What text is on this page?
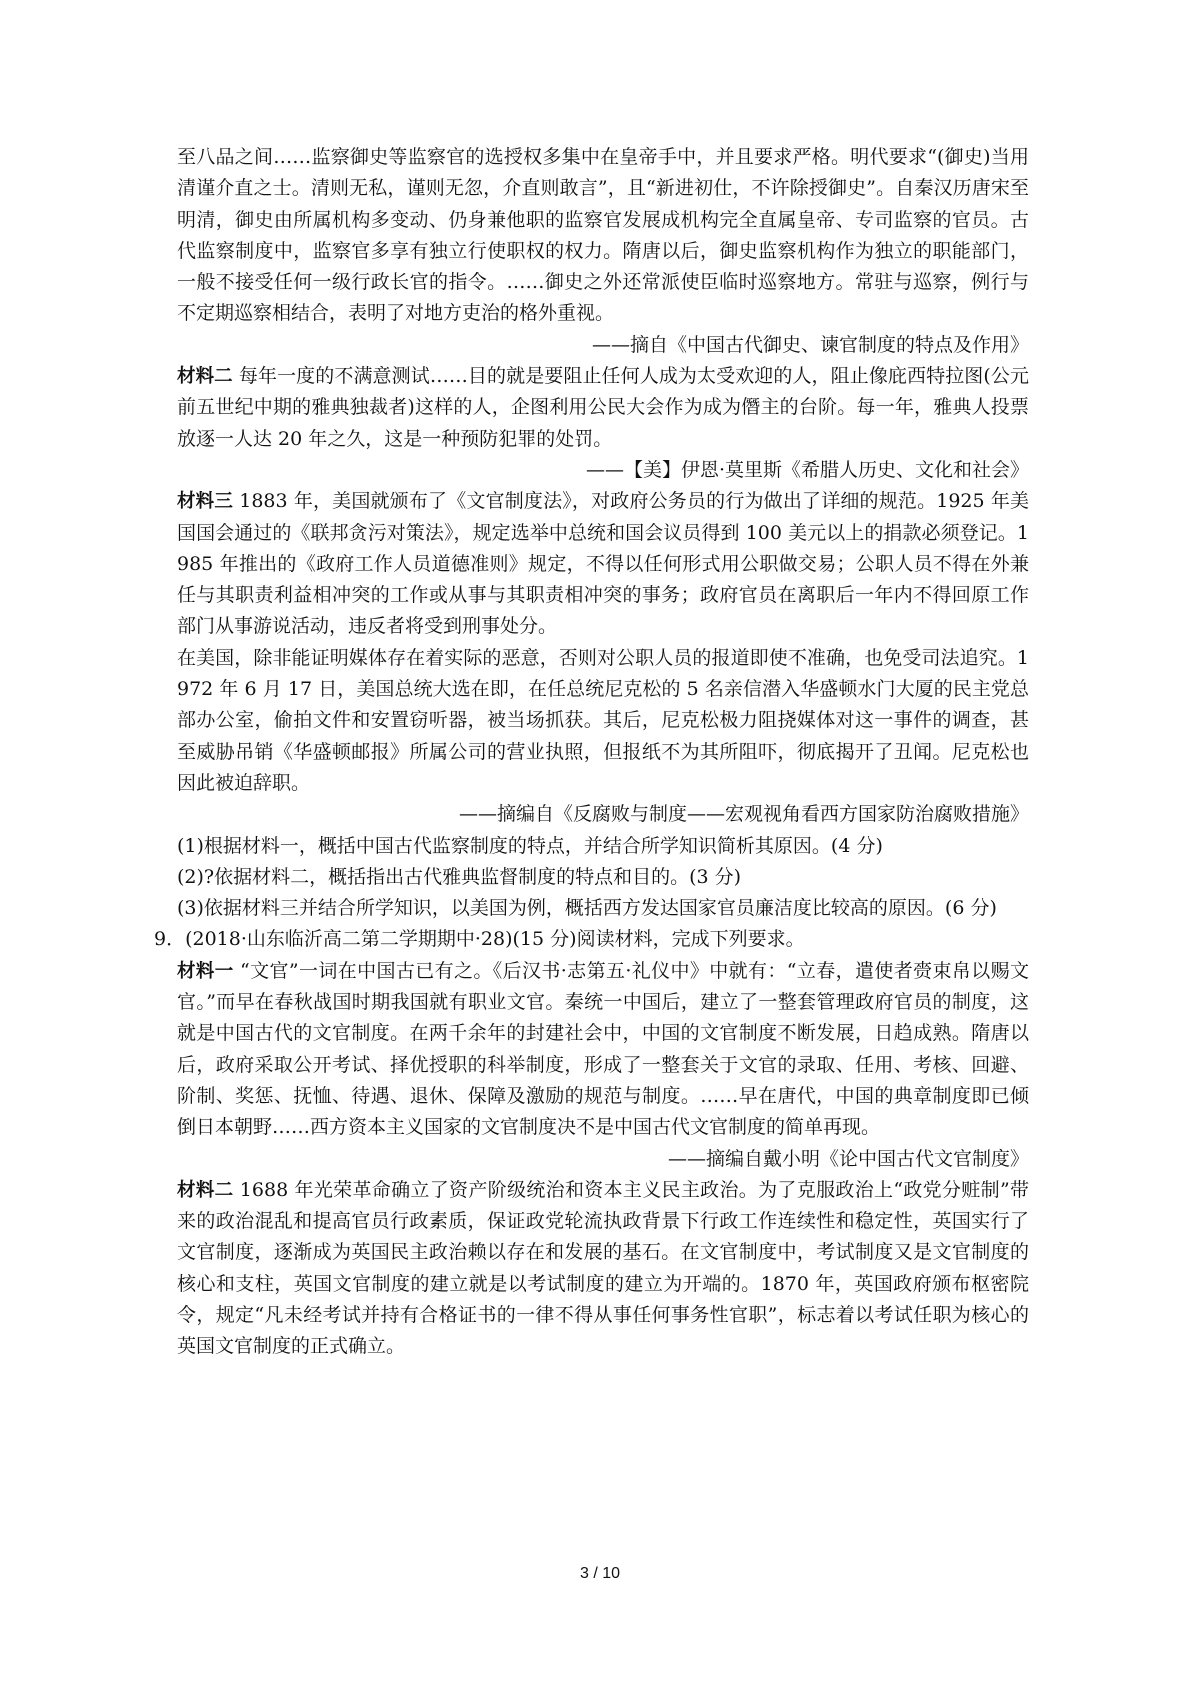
至八品之间……监察御史等监察官的选授权多集中在皇帝手中，并且要求严格。明代要求“(御史)当用清谨介直之士。清则无私，谨则无忽，介直则敢言”，且“新进初仕，不许除授御史”。自秦汉历唐宋至明清，御史由所属机构多变动、仍身兼他职的监察官发展成机构完全直属皇帝、专司监察的官员。古代监察制度中，监察官多享有独立行使职权的权力。隋唐以后，御史监察机构作为独立的职能部门，一般不接受任何一级行政长官的指令。……御史之外还常派使臣临时巡察地方。常驻与巡察，例行与不定期巡察相结合，表明了对地方吏治的格外重视。

——摘自《中国古代御史、谏官制度的特点及作用》

材料二 每年一度的不满意测试……目的就是要阻止任何人成为太受欢迎的人，阻止像庇西特拉图(公元前五世纪中期的雅典独裁者)这样的人，企图利用公民大会作为成为僭主的台阶。每一年，雅典人投票放逐一人达 20 年之久，这是一种预防犯罪的处罚。

——【美】伊恩·莫里斯《希腊人历史、文化和社会》

材料三 1883 年，美国就颁布了《文官制度法》，对政府公务员的行为做出了详细的规范。1925 年美国国会通过的《联邦贪污对策法》，规定选举中总统和国会议员得到 100 美元以上的捐款必须登记。1985 年推出的《政府工作人员道德准则》规定，不得以任何形式用公职做交易；公职人员不得在外兼任与其职责利益相冲突的工作或从事与其职责相冲突的事务；政府官员在离职后一年内不得回原工作部门从事游说活动，违反者将受到刑事处分。

在美国，除非能证明媒体存在着实际的恶意，否则对公职人员的报道即使不准确，也免受司法追究。1972 年 6 月 17 日，美国总统大选在即，在任总统尼克松的 5 名亲信潜入华盛顿水门大厦的民主党总部办公室，偷拍文件和安置窃听器，被当场抓获。其后，尼克松极力阻挠媒体对这一事件的调查，甚至威胁吊销《华盛顿邮报》所属公司的营业执照，但报纸不为其所阻吓，彻底揭开了丑闻。尼克松也因此被迫辞职。

——摘编自《反腐败与制度——宏观视角看西方国家防治腐败措施》

(1)根据材料一，概括中国古代监察制度的特点，并结合所学知识简析其原因。(4 分)

(2)?依据材料二，概括指出古代雅典监督制度的特点和目的。(3 分)

(3)依据材料三并结合所学知识，以美国为例，概括西方发达国家官员廉洁度比较高的原因。(6 分)

9．(2018·山东临沂高二第二学期期中·28)(15 分)阅读材料，完成下列要求。

材料一 “文官”一词在中国古已有之。《后汉书·志第五·礼仪中》中就有：“立春，遣使者赍束帛以赐文官。”而早在春秋战国时期我国就有职业文官。秦统一中国后，建立了一整套管理政府官员的制度，这就是中国古代的文官制度。在两千余年的封建社会中，中国的文官制度不断发展，日趋成熟。隋唐以后，政府采取公开考试、择优授职的科举制度，形成了一整套关于文官的录取、任用、考核、回避、阶制、奖惩、抚恤、待遇、退休、保障及激励的规范与制度。……早在唐代，中国的典章制度即已倾倒日本朝野……西方资本主义国家的文官制度决不是中国古代文官制度的简单再现。

——摘编自戴小明《论中国古代文官制度》

材料二 1688 年光荣革命确立了资产阶级统治和资本主义民主政治。为了克服政治上“政党分赃制”带来的政治混乱和提高官员行政素质，保证政党轮流执政背景下行政工作连续性和稳定性，英国实行了文官制度，逐渐成为英国民主政治赖以存在和发展的基石。在文官制度中，考试制度又是文官制度的核心和支柱，英国文官制度的建立就是以考试制度的建立为开端的。1870 年，英国政府颁布枢密院令，规定“凡未经考试并持有合格证书的一律不得从事任何事务性官职”，标志着以考试任职为核心的英国文官制度的正式确立。

3 / 10
